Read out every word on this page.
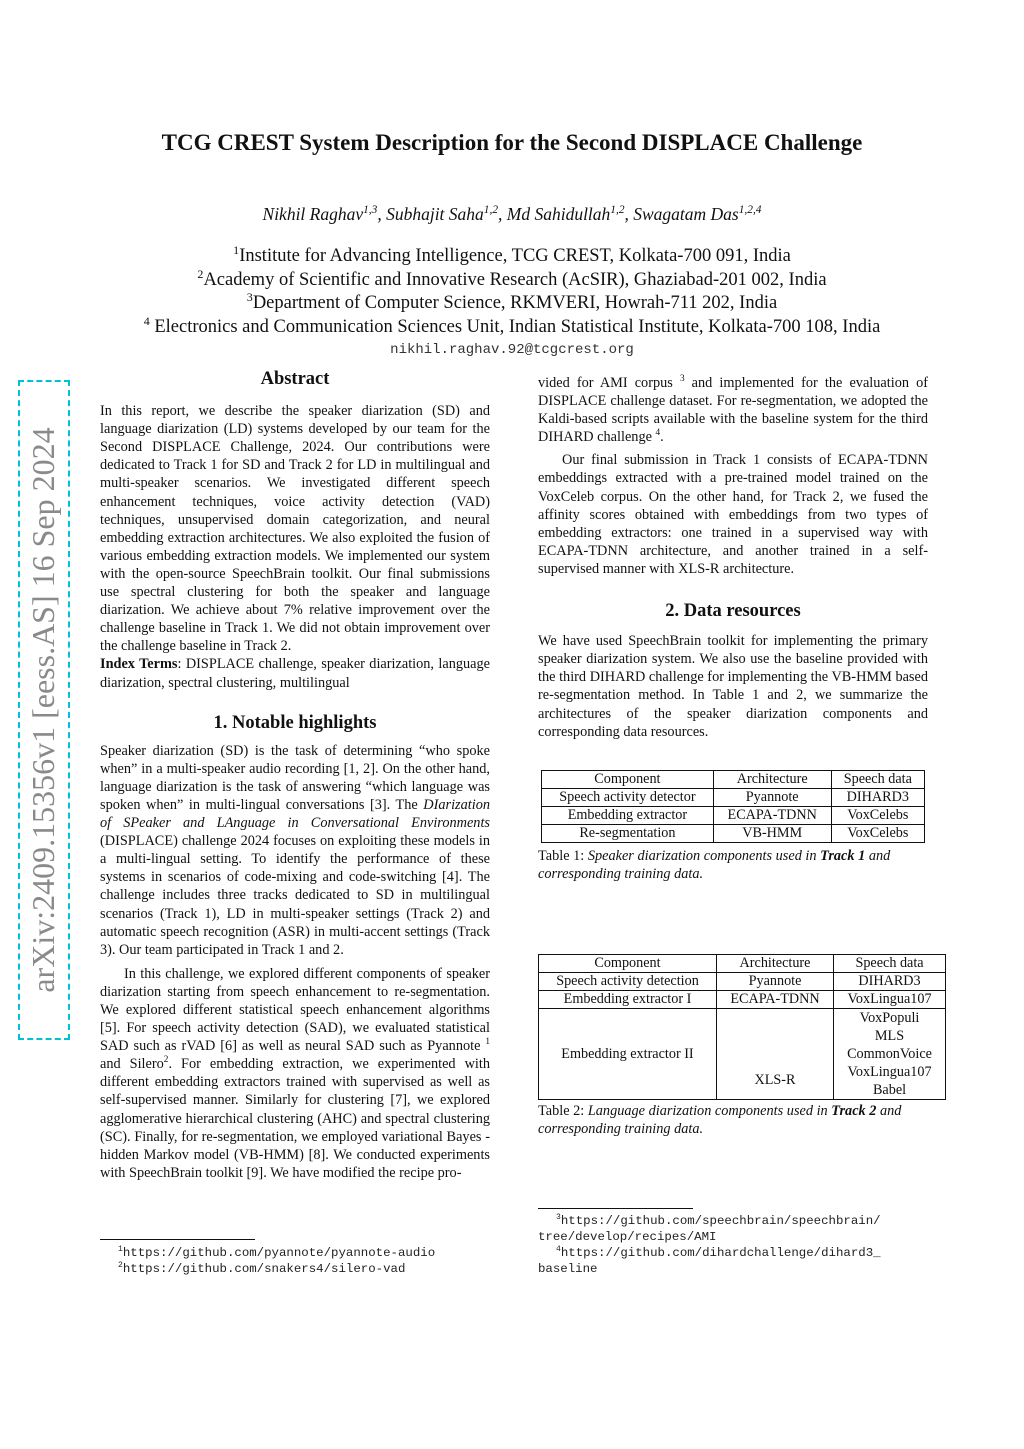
arXiv:2409.15356v1 [eess.AS] 16 Sep 2024
TCG CREST System Description for the Second DISPLACE Challenge
Nikhil Raghav$^{1,3}$, Subhajit Saha$^{1,2}$, Md Sahidullah$^{1,2}$, Swagatam Das$^{1,2,4}$
$^1$Institute for Advancing Intelligence, TCG CREST, Kolkata-700 091, India
$^2$Academy of Scientific and Innovative Research (AcSIR), Ghaziabad-201 002, India
$^3$Department of Computer Science, RKMVERI, Howrah-711 202, India
$^4$ Electronics and Communication Sciences Unit, Indian Statistical Institute, Kolkata-700 108, India
nikhil.raghav.92@tcgcrest.org
Abstract

In this report, we describe the speaker diarization (SD) and language diarization (LD) systems developed by our team for the Second DISPLACE Challenge, 2024. Our contributions were dedicated to Track 1 for SD and Track 2 for LD in multilingual and multi-speaker scenarios. We investigated different speech enhancement techniques, voice activity detection (VAD) techniques, unsupervised domain categorization, and neural embedding extraction architectures. We also exploited the fusion of various embedding extraction models. We implemented our system with the open-source SpeechBrain toolkit. Our final submissions use spectral clustering for both the speaker and language diarization. We achieve about 7% relative improvement over the challenge baseline in Track 1. We did not obtain improvement over the challenge baseline in Track 2.

Index Terms: DISPLACE challenge, speaker diarization, language diarization, spectral clustering, multilingual

1. Notable highlights

Speaker diarization (SD) is the task of determining “who spoke when” in a multi-speaker audio recording [1, 2]. On the other hand, language diarization is the task of answering “which language was spoken when” in multi-lingual conversations [3]. The DIarization of SPeaker and LAnguage in Conversational Environments (DISPLACE) challenge 2024 focuses on exploiting these models in a multi-lingual setting. To identify the performance of these systems in scenarios of code-mixing and code-switching [4]. The challenge includes three tracks dedicated to SD in multilingual scenarios (Track 1), LD in multi-speaker settings (Track 2) and automatic speech recognition (ASR) in multi-accent settings (Track 3). Our team participated in Track 1 and 2.

In this challenge, we explored different components of speaker diarization starting from speech enhancement to re-segmentation. We explored different statistical speech enhancement algorithms [5]. For speech activity detection (SAD), we evaluated statistical SAD such as rVAD [6] as well as neural SAD such as Pyannote $^1$ and Silero$^2$. For embedding extraction, we experimented with different embedding extractors trained with supervised as well as self-supervised manner. Similarly for clustering [7], we explored agglomerative hierarchical clustering (AHC) and spectral clustering (SC). Finally, for re-segmentation, we employed variational Bayes - hidden Markov model (VB-HMM) [8]. We conducted experiments with SpeechBrain toolkit [9]. We have modified the recipe pro-

$^1$https://github.com/pyannote/pyannote-audio
$^2$https://github.com/snakers4/silero-vad

vided for AMI corpus $^3$ and implemented for the evaluation of DISPLACE challenge dataset. For re-segmentation, we adopted the Kaldi-based scripts available with the baseline system for the third DIHARD challenge $^4$.

Our final submission in Track 1 consists of ECAPA-TDNN embeddings extracted with a pre-trained model trained on the VoxCeleb corpus. On the other hand, for Track 2, we fused the affinity scores obtained with embeddings from two types of embedding extractors: one trained in a supervised way with ECAPA-TDNN architecture, and another trained in a self-supervised manner with XLS-R architecture.

2. Data resources

We have used SpeechBrain toolkit for implementing the primary speaker diarization system. We also use the baseline provided with the third DIHARD challenge for implementing the VB-HMM based re-segmentation method. In Table 1 and 2, we summarize the architectures of the speaker diarization components and corresponding data resources.

Component	Architecture	Speech data
Speech activity detector	Pyannote	DIHARD3
Embedding extractor	ECAPA-TDNN	VoxCelebs
Re-segmentation	VB-HMM	VoxCelebs
Table 1: Speaker diarization components used in Track 1 and corresponding training data.
Component	Architecture	Speech data
Speech activity detection	Pyannote	DIHARD3
Embedding extractor I	ECAPA-TDNN	VoxLingua107
Embedding extractor II	XLS-R	VoxPopuli
MLS
CommonVoice
VoxLingua107
Babel
Table 2: Language diarization components used in Track 2 and corresponding training data.
$^3$https://github.com/speechbrain/speechbrain/
tree/develop/recipes/AMI
$^4$https://github.com/dihardchallenge/dihard3_
baseline
